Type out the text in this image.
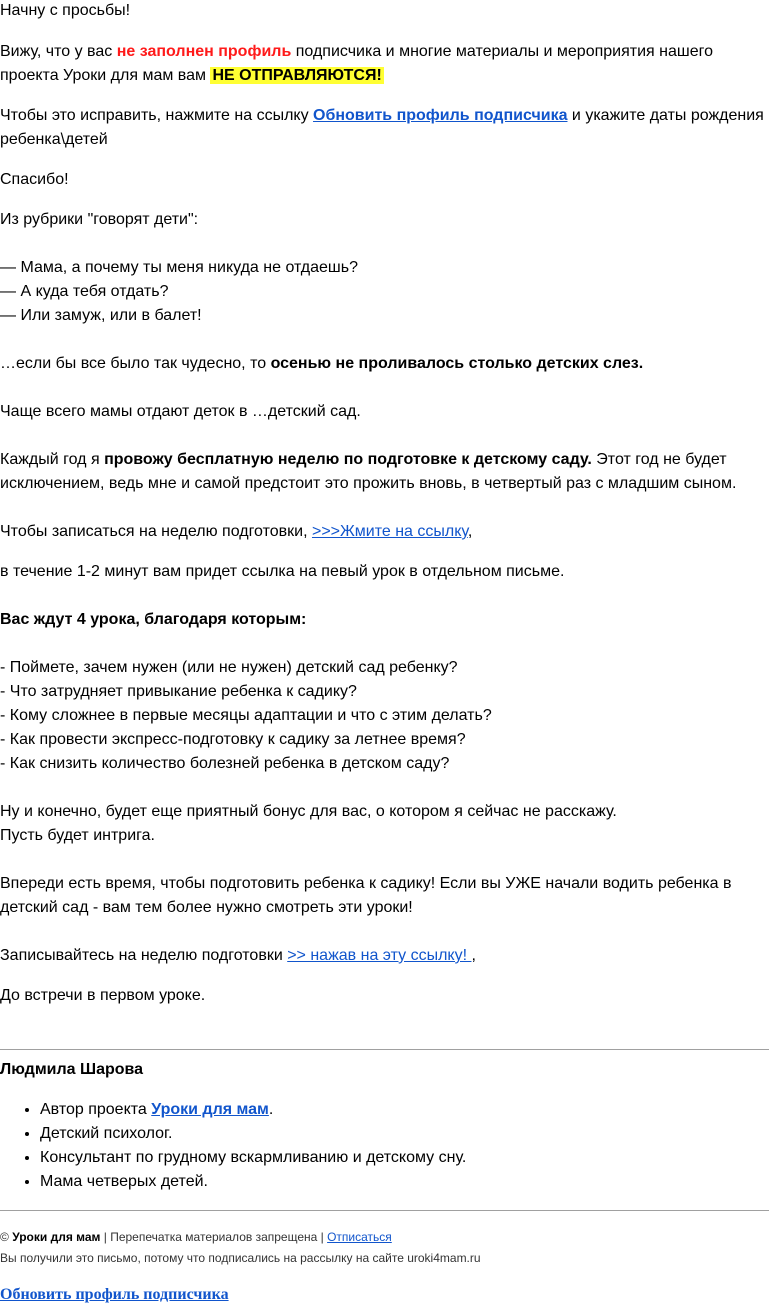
Начну с просьбы!

Вижу, что у вас не заполнен профиль подписчика и многие материалы и мероприятия нашего проекта Уроки для мам вам НЕ ОТПРАВЛЯЮТСЯ!

Чтобы это исправить, нажмите на ссылку Обновить профиль подписчика и укажите даты рождения ребенка\детей

Спасибо!

Из рубрики "говорят дети":

— Мама, а почему ты меня никуда не отдаешь?
— А куда тебя отдать?
— Или замуж, или в балет!

…если бы все было так чудесно, то осенью не проливалось столько детских слез.

Чаще всего мамы отдают деток в …детский сад.

Каждый год я провожу бесплатную неделю по подготовке к детскому саду. Этот год не будет исключением, ведь мне и самой предстоит это прожить вновь, в четвертый раз с младшим сыном.

Чтобы записаться на неделю подготовки, >>>Жмите на ссылку,

в течение 1-2 минут вам придет ссылка на певый урок в отдельном письме.

Вас ждут 4 урока, благодаря которым:

- Поймете, зачем нужен (или не нужен) детский сад ребенку?
- Что затрудняет привыкание ребенка к садику?
- Кому сложнее в первые месяцы адаптации и что с этим делать?
- Как провести экспресс-подготовку к садику за летнее время?
- Как снизить количество болезней ребенка в детском саду?

Ну и конечно, будет еще приятный бонус для вас, о котором я сейчас не расскажу.
Пусть будет интрига.

Впереди есть время, чтобы подготовить ребенка к садику! Если вы УЖЕ начали водить ребенка в детский сад - вам тем более нужно смотреть эти уроки!

Записывайтесь на неделю подготовки >> нажав на эту ссылку! ,

До встречи в первом уроке.

Людмила Шарова

• Автор проекта Уроки для мам.
• Детский психолог.
• Консультант по грудному вскармливанию и детскому сну.
• Мама четверых детей.

© Уроки для мам | Перепечатка материалов запрещена | Отписаться

Вы получили это письмо, потому что подписались на рассылку на сайте uroki4mam.ru

Обновить профиль подписчика
